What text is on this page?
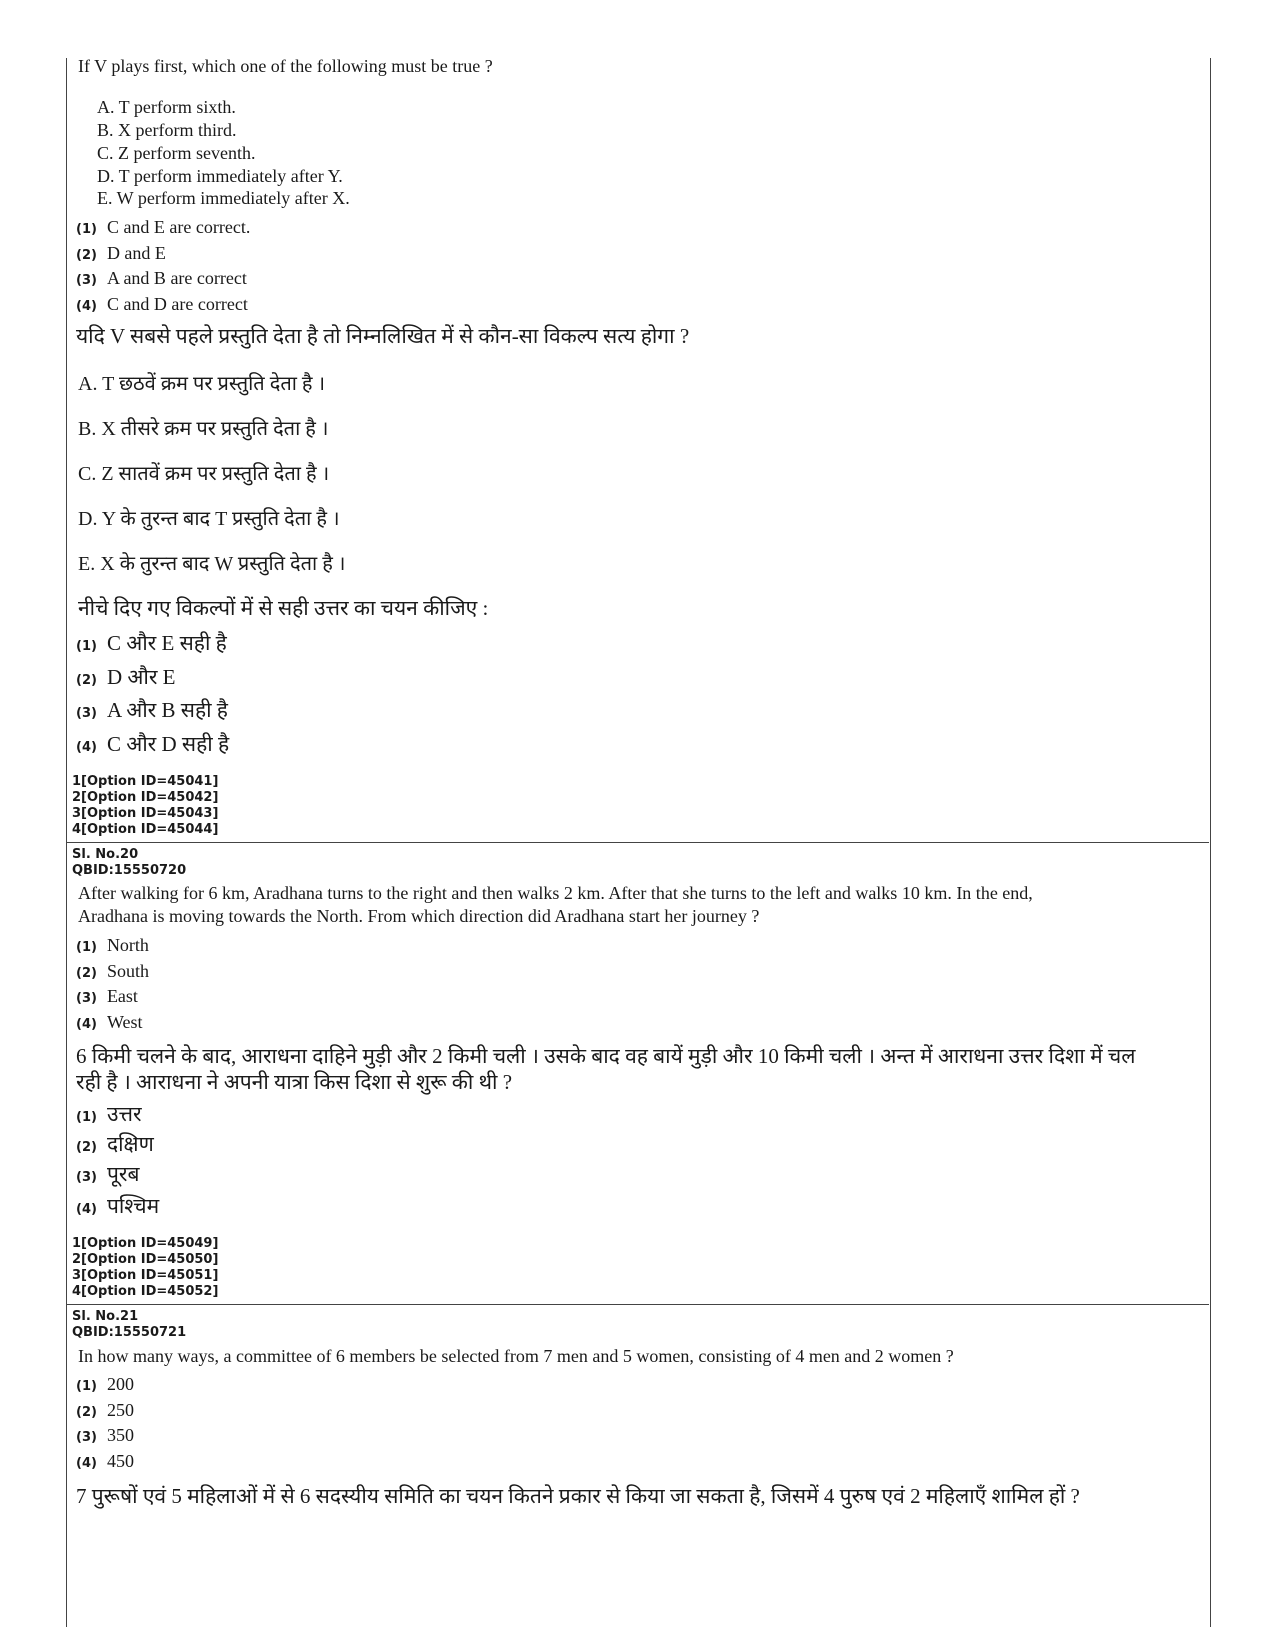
If V plays first, which one of the following must be true ?
A. T perform sixth.
B. X perform third.
C. Z perform seventh.
D. T perform immediately after Y.
E. W perform immediately after X.
(1) C and E are correct.
(2) D and E
(3) A and B are correct
(4) C and D are correct
यदि V सबसे पहले प्रस्तुति देता है तो निम्नलिखित में से कौन-सा विकल्प सत्य होगा ?
A. T छठवें क्रम पर प्रस्तुति देता है ।
B. X तीसरे क्रम पर प्रस्तुति देता है ।
C. Z सातवें क्रम पर प्रस्तुति देता है ।
D. Y के तुरन्त बाद T प्रस्तुति देता है ।
E. X के तुरन्त बाद W प्रस्तुति देता है ।
नीचे दिए गए विकल्पों में से सही उत्तर का चयन कीजिए :
(1) C और E सही है
(2) D और E
(3) A और B सही है
(4) C और D सही है
1[Option ID=45041]
2[Option ID=45042]
3[Option ID=45043]
4[Option ID=45044]
Sl. No.20
QBID:15550720
After walking for 6 km, Aradhana turns to the right and then walks 2 km. After that she turns to the left and walks 10 km. In the end,
Aradhana is moving towards the North. From which direction did Aradhana start her journey ?
(1) North
(2) South
(3) East
(4) West
6 किमी चलने के बाद, आराधना दाहिने मुड़ी और 2 किमी चली । उसके बाद वह बायें मुड़ी और 10 किमी चली । अन्त में आराधना उत्तर दिशा में चल
रही है । आराधना ने अपनी यात्रा किस दिशा से शुरू की थी ?
(1) उत्तर
(2) दक्षिण
(3) पूरब
(4) पश्चिम
1[Option ID=45049]
2[Option ID=45050]
3[Option ID=45051]
4[Option ID=45052]
Sl. No.21
QBID:15550721
In how many ways, a committee of 6 members be selected from 7 men and 5 women, consisting of 4 men and 2 women ?
(1) 200
(2) 250
(3) 350
(4) 450
7 पुरूषों एवं 5 महिलाओं में से 6 सदस्यीय समिति का चयन कितने प्रकार से किया जा सकता है, जिसमें 4 पुरुष एवं 2 महिलाएँ शामिल हों ?
